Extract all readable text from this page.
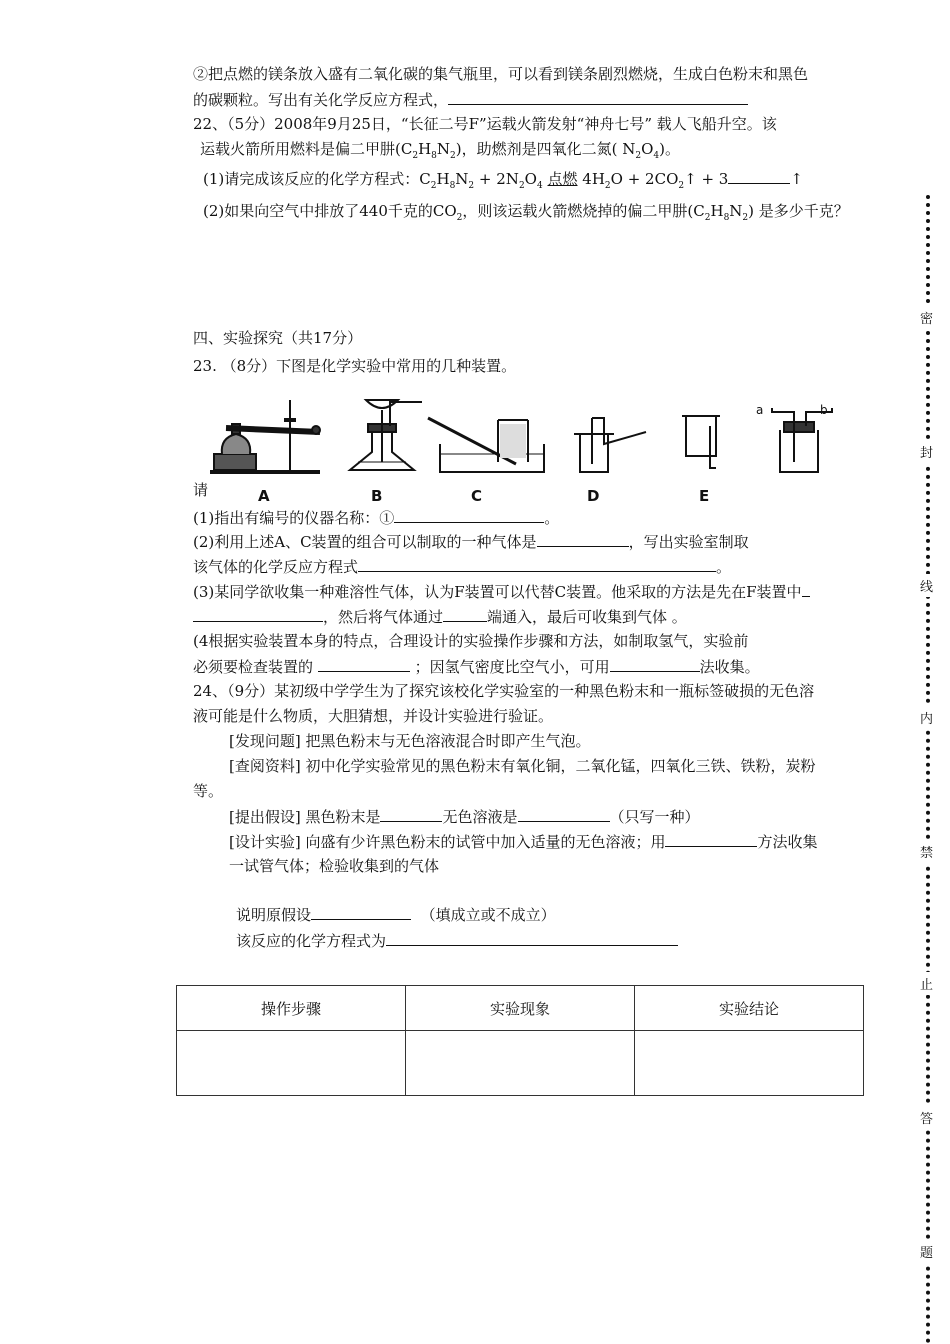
②把点燃的镁条放入盛有二氧化碳的集气瓶里，可以看到镁条剧烈燃烧，生成白色粉末和黑色
的碳颗粒。写出有关化学反应方程式，
22、（5分）2008年9月25日，“长征二号F”运载火箭发射“神舟七号” 载人飞船升空。该
运载火箭所用燃料是偏二甲肼$(C_2H_8N_2)$，助燃剂是四氧化二氮( $N_2O_4$)。
(1)请完成该反应的化学方程式：$C_2H_8N_2 + 2N_2O_4$ 点燃 $4H_2O$ + $2CO_2↑ + 3$	↑
(2)如果向空气中排放了440千克的$CO_2$，则该运载火箭燃烧掉的偏二甲肼$(C_2H_8N_2)$ 是多少千克？
四、实验探究（共17分）
23. （8分）下图是化学实验中常用的几种装置。
a	b
A	B	C	D	E
请
(1)指出有编号的仪器名称：①	。
(2)利用上述A、C装置的组合可以制取的一种气体是	，写出实验室制取
该气体的化学反应方程式	。
(3)某同学欲收集一种难溶性气体，认为F装置可以代替C装置。他采取的方法是先在F装置中
，然后将气体通过	端通入，最后可收集到气体 。
(4根据实验装置本身的特点，合理设计的实验操作步骤和方法，如制取氢气，实验前
必须要检查装置的	；因氢气密度比空气小，可用	法收集。
24、（9分）某初级中学学生为了探究该校化学实验室的一种黑色粉末和一瓶标签破损的无色溶
液可能是什么物质，大胆猜想，并设计实验进行验证。
[发现问题] 把黑色粉末与无色溶液混合时即产生气泡。
[查阅资料] 初中化学实验常见的黑色粉末有氧化铜，二氧化锰，四氧化三铁、铁粉，炭粉
等。
[提出假设] 黑色粉末是	无色溶液是	（只写一种）
[设计实验] 向盛有少许黑色粉末的试管中加入适量的无色溶液；用	方法收集
一试管气体；检验收集到的气体
说明原假设	（填成立或不成立）
该反应的化学方程式为
操作步骤	实验现象	实验结论

密
封
线
内
禁
止
答
题
